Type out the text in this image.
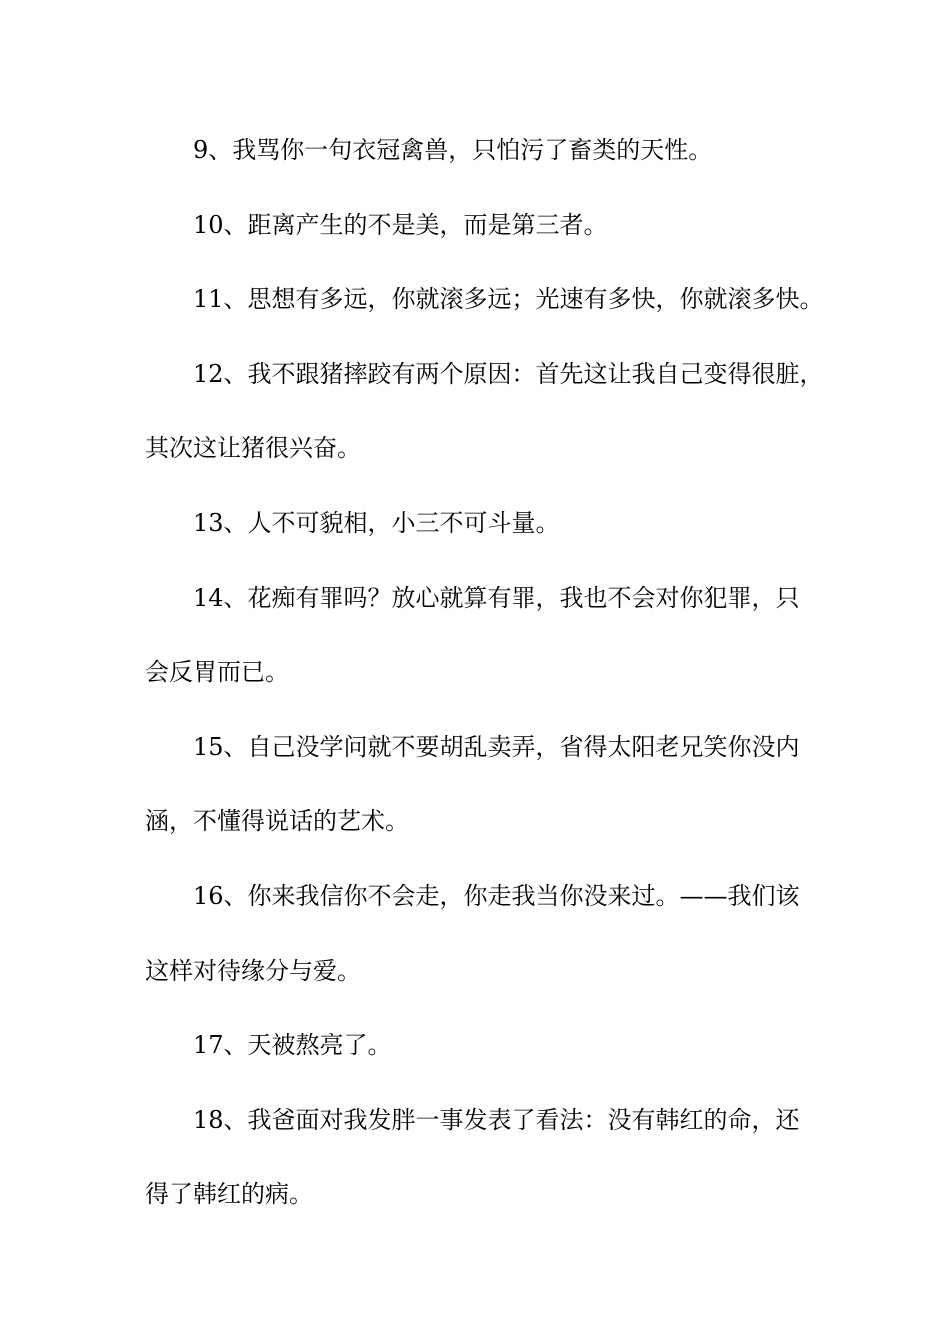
9、我骂你一句衣冠禽兽，只怕污了畜类的天性。
10、距离产生的不是美，而是第三者。
11、思想有多远，你就滚多远；光速有多快，你就滚多快。
12、我不跟猪摔跤有两个原因：首先这让我自己变得很脏，
其次这让猪很兴奋。
13、人不可貌相，小三不可斗量。
14、花痴有罪吗？放心就算有罪，我也不会对你犯罪，只
会反胃而已。
15、自己没学问就不要胡乱卖弄，省得太阳老兄笑你没内
涵，不懂得说话的艺术。
16、你来我信你不会走，你走我当你没来过。——我们该
这样对待缘分与爱。
17、天被熬亮了。
18、我爸面对我发胖一事发表了看法：没有韩红的命，还
得了韩红的病。
